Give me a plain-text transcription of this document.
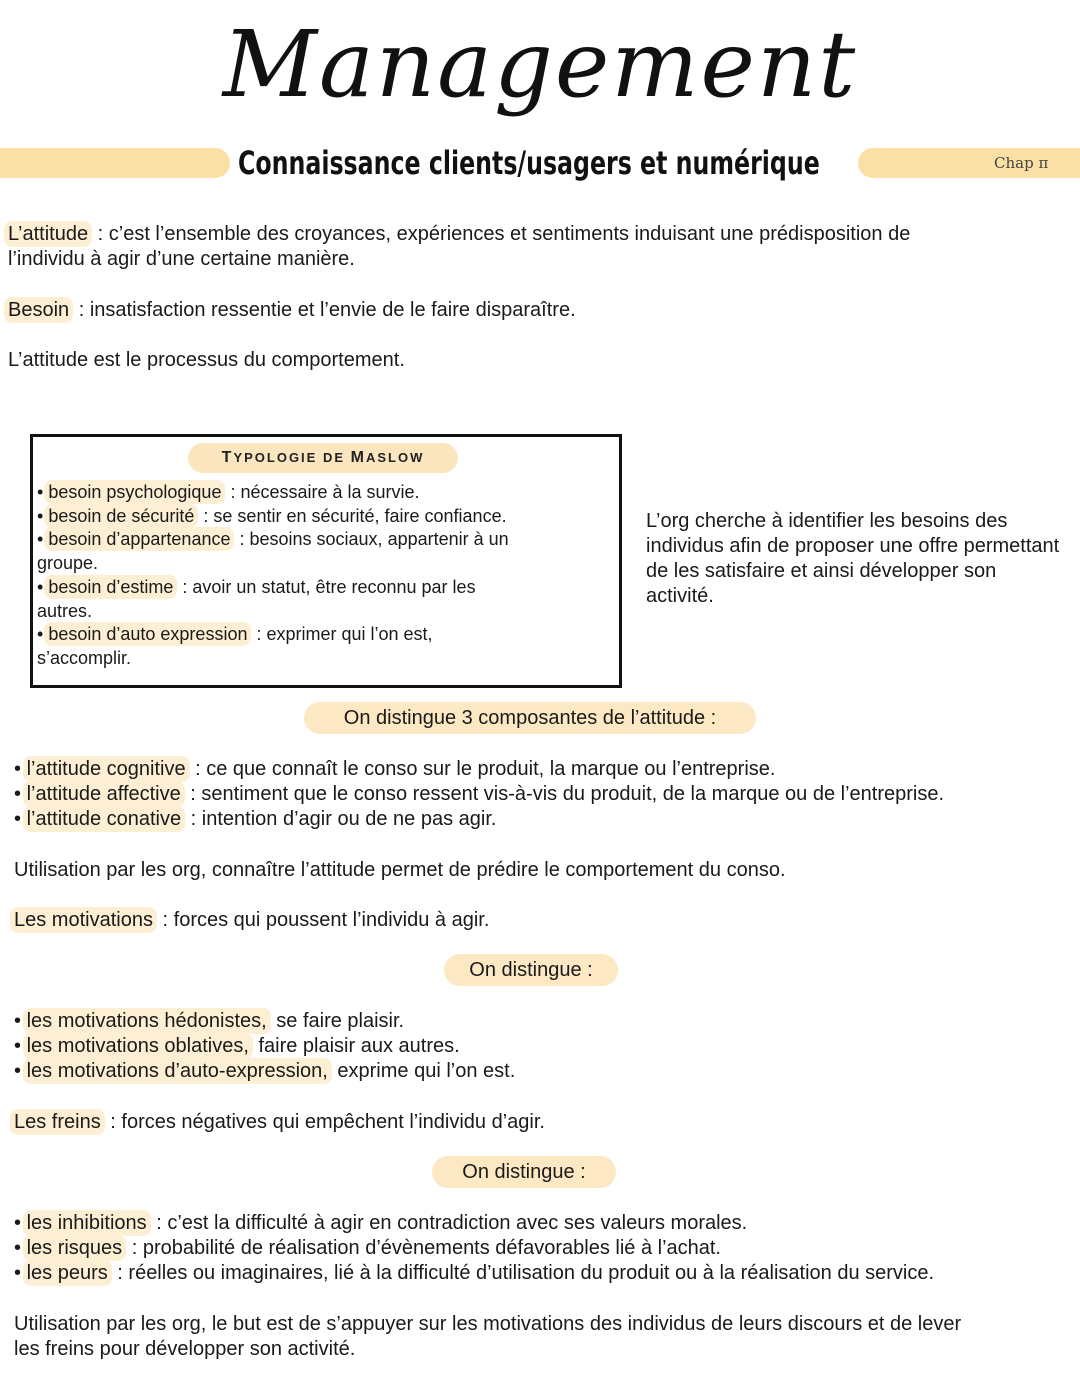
Management
Connaissance clients/usagers et numérique	Chap π
L’attitude : c’est l’ensemble des croyances, expériences et sentiments induisant une prédisposition de
l’individu à agir d’une certaine manière.
Besoin : insatisfaction ressentie et l’envie de le faire disparaître.
L’attitude est le processus du comportement.
TYPOLOGIE DE MASLOW
• besoin psychologique : nécessaire à la survie.
• besoin de sécurité : se sentir en sécurité, faire confiance.
• besoin d’appartenance : besoins sociaux, appartenir à un
groupe.
• besoin d’estime : avoir un statut, être reconnu par les
autres.
• besoin d’auto expression : exprimer qui l’on est,
s’accomplir.
L’org cherche à identifier les besoins des individus afin de proposer une offre permettant de les satisfaire et ainsi développer son activité.
On distingue 3 composantes de l’attitude :
• l’attitude cognitive : ce que connaît le conso sur le produit, la marque ou l’entreprise.
• l’attitude affective : sentiment que le conso ressent vis-à-vis du produit, de la marque ou de l’entreprise.
• l’attitude conative : intention d’agir ou de ne pas agir.
Utilisation par les org, connaître l’attitude permet de prédire le comportement du conso.
Les motivations : forces qui poussent l’individu à agir.
On distingue :
• les motivations hédonistes, se faire plaisir.
• les motivations oblatives, faire plaisir aux autres.
• les motivations d’auto-expression, exprime qui l’on est.
Les freins : forces négatives qui empêchent l’individu d’agir.
On distingue :
• les inhibitions : c’est la difficulté à agir en contradiction avec ses valeurs morales.
• les risques : probabilité de réalisation d’évènements défavorables lié à l’achat.
• les peurs : réelles ou imaginaires, lié à la difficulté d’utilisation du produit ou à la réalisation du service.
Utilisation par les org, le but est de s’appuyer sur les motivations des individus de leurs discours et de lever
les freins pour développer son activité.
